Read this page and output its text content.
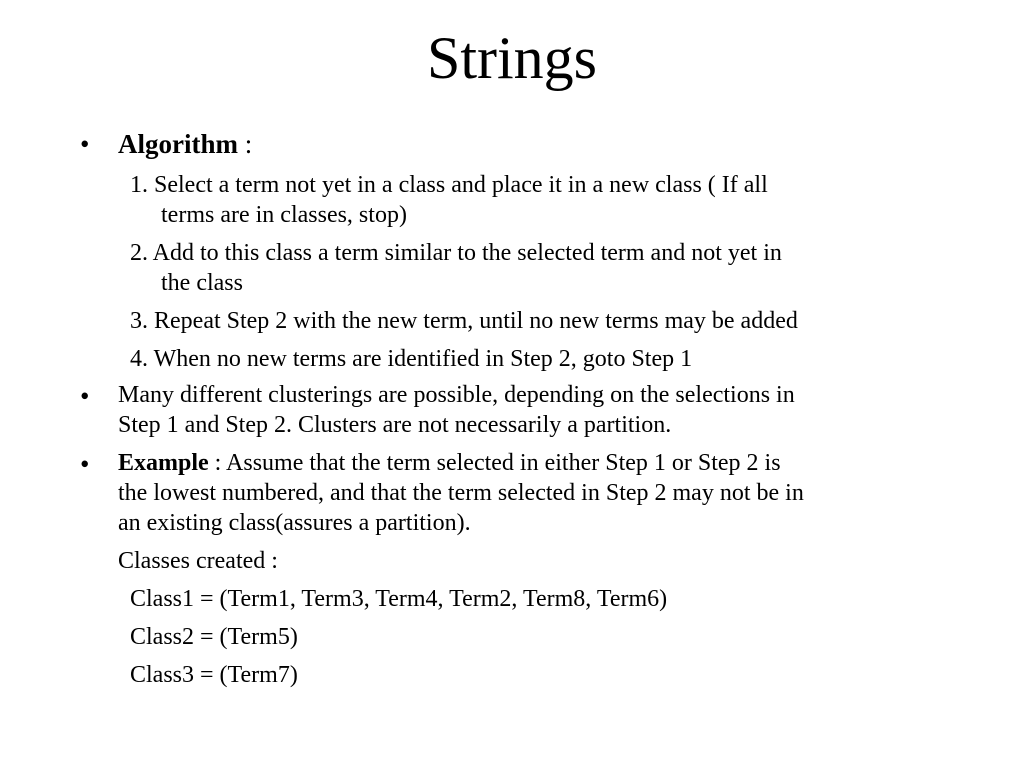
Strings
• Algorithm :
1. Select a term not yet in a class and place it in a new class ( If all
terms are in classes, stop)
2. Add to this class a term similar to the selected term and not yet in
the class
3. Repeat Step 2 with the new term, until no new terms may be added
4. When no new terms are identified in Step 2, goto Step 1
• Many different clusterings are possible, depending on the selections in
Step 1 and Step 2. Clusters are not necessarily a partition.
• Example : Assume that the term selected in either Step 1 or Step 2 is
the lowest numbered, and that the term selected in Step 2 may not be in
an existing class(assures a partition).
Classes created :
Class1 = (Term1, Term3, Term4, Term2, Term8, Term6)
Class2 = (Term5)
Class3 = (Term7)
